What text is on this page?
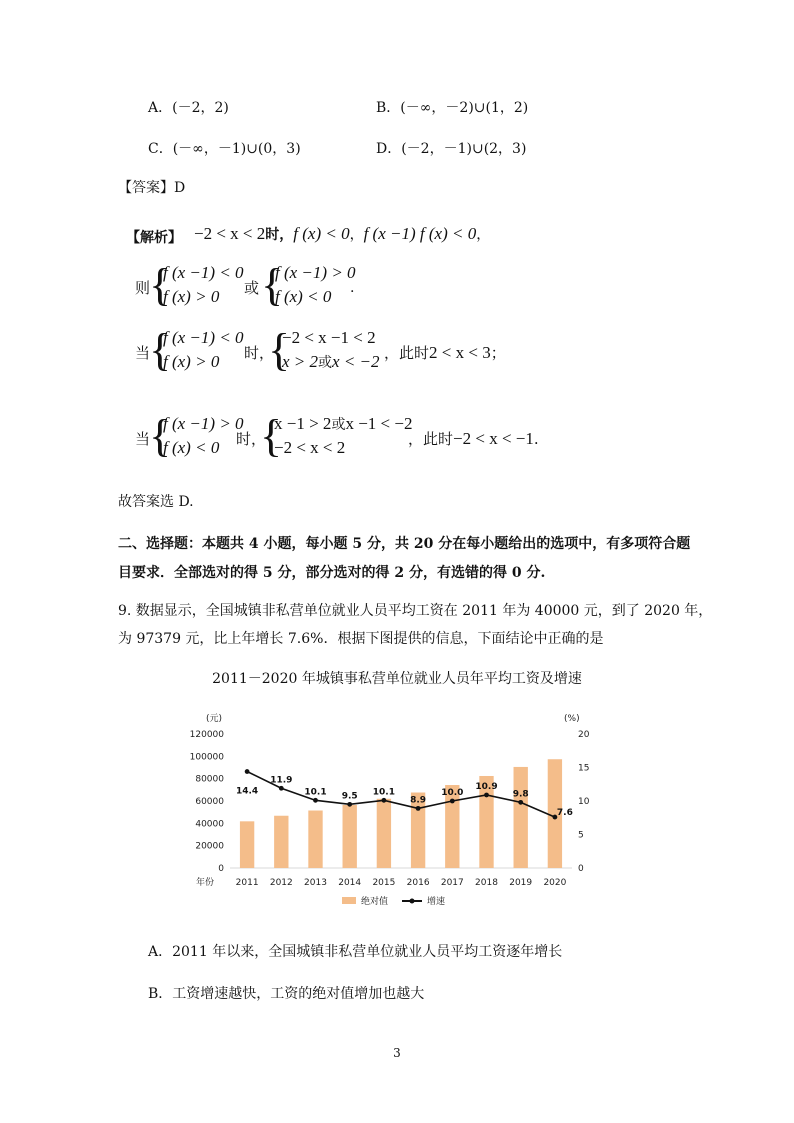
A．(－2，2)	B．(－∞，－2)∪(1，2)
C．(－∞，－1)∪(0，3)	D．(－2，－1)∪(2，3)
【答案】D
【解析】 −2 < x < 2时，f (x) < 0，f (x −1) f (x) < 0，
则
{
f (x −1) < 0
f (x) > 0 或 {
f (x −1) > 0
f (x) < 0 .
当
{
f (x −1) < 0
f (x) > 0 时，
{
−2 < x −1 < 2
x > 2或x < −2 ，此时2 < x < 3；
当
{
f (x −1) > 0
f (x) < 0 时，
{
x −1 > 2或x −1 < −2
−2 < x < 2	，此时−2 < x < −1.
故答案选 D.
二、选择题：本题共 4 小题，每小题 5 分，共 20 分在每小题给出的选项中，有多项符合题
目要求．全部选对的得 5 分，部分选对的得 2 分，有选错的得 0 分.
9. 数据显示，全国城镇非私营单位就业人员平均工资在 2011 年为 40000 元，到了 2020 年，
为 97379 元，比上年增长 7.6%．根据下图提供的信息，下面结论中正确的是
2011－2020 年城镇事私营单位就业人员年平均工资及增速
0
20000
40000
60000
80000
100000
120000
0
5
10
15
20
2011 2012 2013 2014 2015 2016 2017 2018 2019 2020
14.4
11.9
10.1 9.5 10.1
8.9
10.0
10.9
9.8
7.6
(元)	(%)
年份
绝对值	增速
A．2011 年以来，全国城镇非私营单位就业人员平均工资逐年增长
B．工资增速越快，工资的绝对值增加也越大
3
